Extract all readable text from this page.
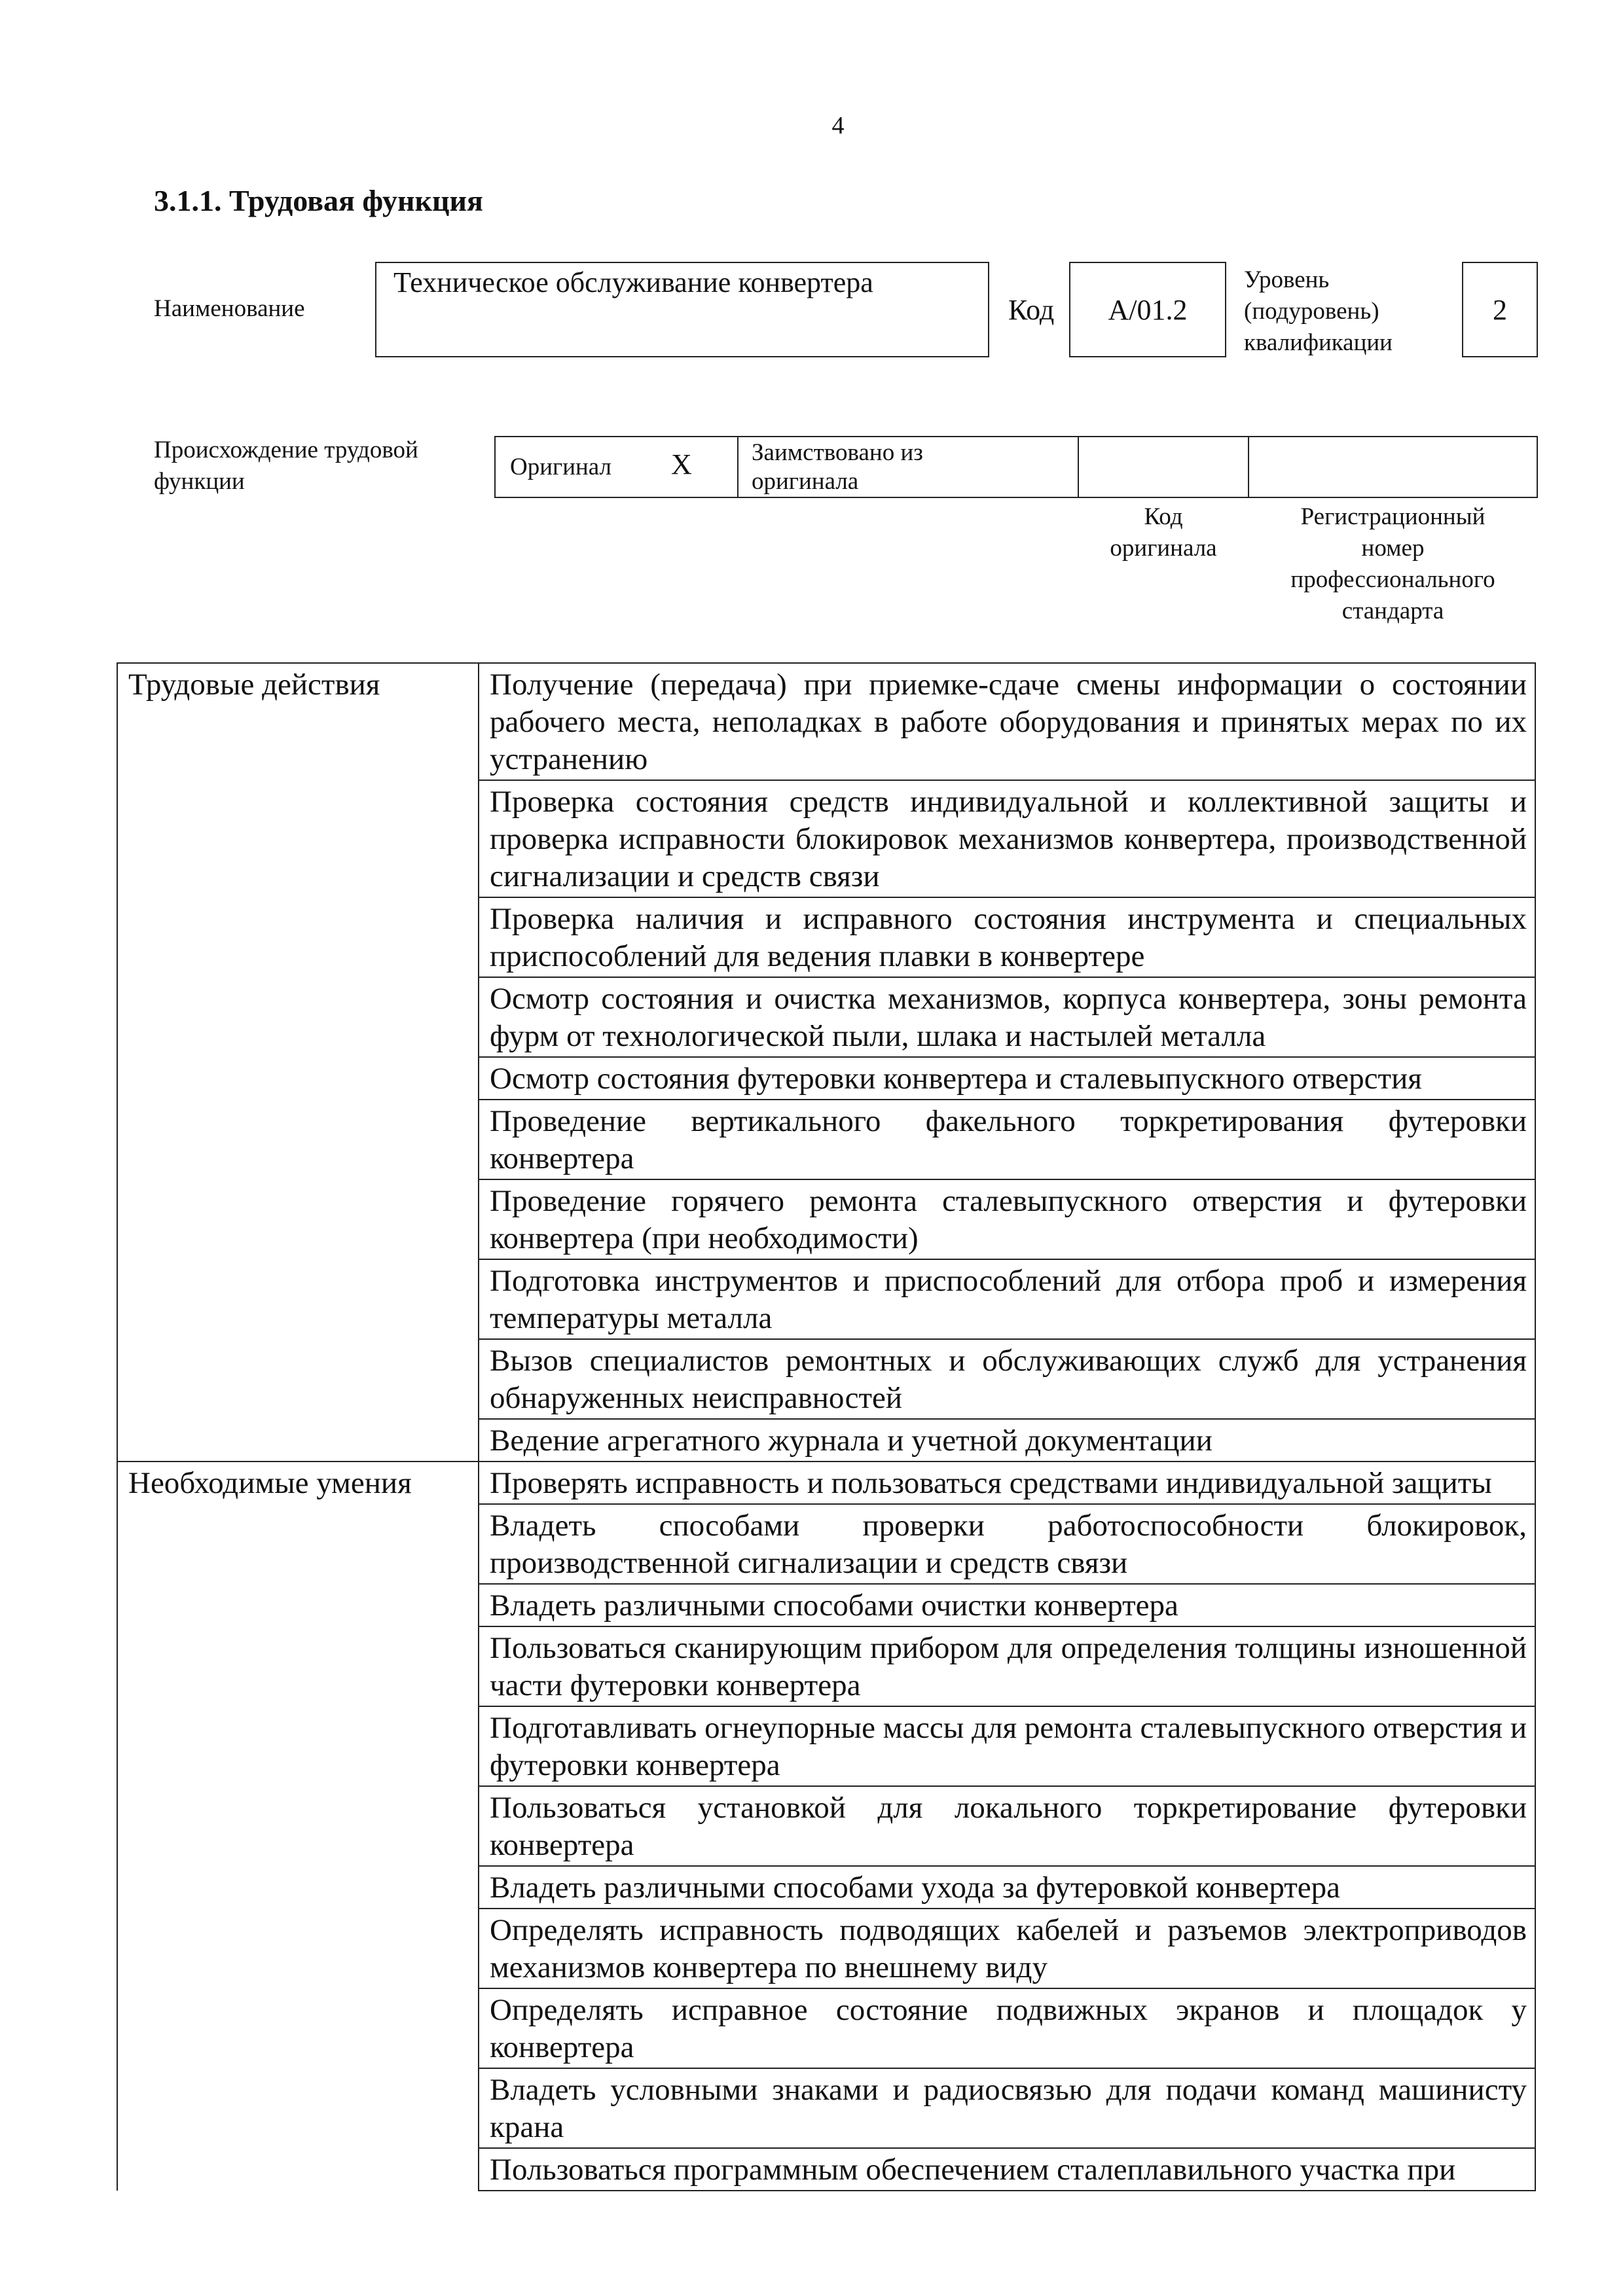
4
3.1.1. Трудовая функция
Наименование
Техническое обслуживание конвертера
Код	A/01.2
Уровень
(подуровень)
квалификации
2
Происхождение трудовой
функции
Оригинал X Заимствовано из
оригинала
Код
оригинала
Регистрационный
номер
профессионального
стандарта
Трудовые действия	Получение (передача) при приемке-сдаче смены информации о состоянии рабочего места, неполадках в работе оборудования и принятых мерах по их устранению
	Проверка состояния средств индивидуальной и коллективной защиты и проверка исправности блокировок механизмов конвертера, производственной сигнализации и средств связи
	Проверка наличия и исправного состояния инструмента и специальных приспособлений для ведения плавки в конвертере
	Осмотр состояния и очистка механизмов, корпуса конвертера, зоны ремонта фурм от технологической пыли, шлака и настылей металла
	Осмотр состояния футеровки конвертера и сталевыпускного отверстия
	Проведение вертикального факельного торкретирования футеровки конвертера
	Проведение горячего ремонта сталевыпускного отверстия и футеровки конвертера (при необходимости)
	Подготовка инструментов и приспособлений для отбора проб и измерения температуры металла
	Вызов специалистов ремонтных и обслуживающих служб для устранения обнаруженных неисправностей
	Ведение агрегатного журнала и учетной документации
Необходимые умения	Проверять исправность и пользоваться средствами индивидуальной защиты
	Владеть способами проверки работоспособности блокировок, производственной сигнализации и средств связи
	Владеть различными способами очистки конвертера
	Пользоваться сканирующим прибором для определения толщины изношенной части футеровки конвертера
	Подготавливать огнеупорные массы для ремонта сталевыпускного отверстия и футеровки конвертера
	Пользоваться установкой для локального торкретирование футеровки конвертера
	Владеть различными способами ухода за футеровкой конвертера
	Определять исправность подводящих кабелей и разъемов электроприводов механизмов конвертера по внешнему виду
	Определять исправное состояние подвижных экранов и площадок у конвертера
	Владеть условными знаками и радиосвязью для подачи команд машинисту крана
	Пользоваться программным обеспечением сталеплавильного участка при
